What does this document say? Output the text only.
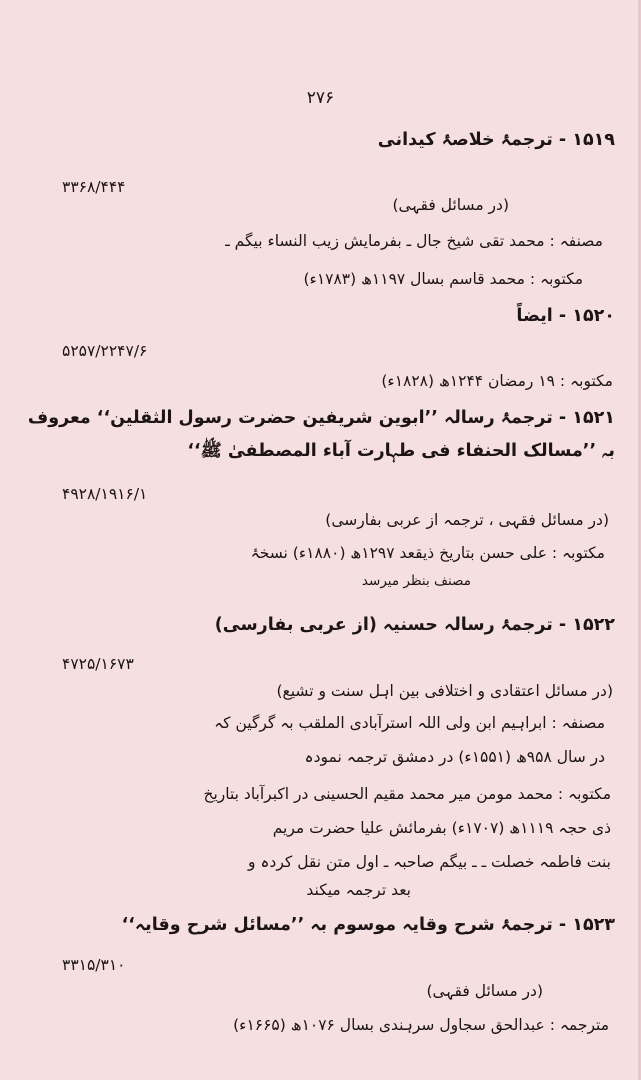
۲۷۶
۱۵۱۹ - ترجمۂ خلاصۂ کیدانی
۳۳۶۸/۴۴۴
(در مسائل فقہی)
مصنفہ : محمد تقی شیخ جال ـ بفرمایش زیب النساء بیگم ـ
مکتوبہ : محمد قاسم بسال ۱۱۹۷ھ (۱۷۸۳ء)
۱۵۲۰ - ایضاً
۵۲۵۷/۲۲۴۷/۶
مکتوبہ : ۱۹ رمضان ۱۲۴۴ھ (۱۸۲۸ء)
۱۵۲۱ - ترجمۂ رسالہ ’’ابوین شریفین حضرت رسول الثقلین‘‘ معروف
بہ ’’مسالک الحنفاء فی طہارت آباء المصطفیٰ ﷺ‘‘
۴۹۲۸/۱۹۱۶/۱
(در مسائل فقہی ، ترجمہ از عربی بفارسی)
مکتوبہ : علی حسن بتاریخ ذیقعد ۱۲۹۷ھ (۱۸۸۰ء) نسخۂ
مصنف بنظر میرسد
۱۵۲۲ - ترجمۂ رسالہ حسنیہ (از عربی بفارسی)
۴۷۲۵/۱۶۷۳
(در مسائل اعتقادی و اختلافی بین اہل سنت و تشیع)
مصنفہ : ابراہیم ابن ولی اللہ استرآبادی الملقب بہ گرگین کہ
در سال ۹۵۸ھ (۱۵۵۱ء) در دمشق ترجمہ نمودہ
مکتوبہ : محمد مومن میر محمد مقیم الحسینی در اکبرآباد بتاریخ
ذی حجہ ۱۱۱۹ھ (۱۷۰۷ء) بفرمائش علیا حضرت مریم
بنت فاطمہ خصلت ـ ـ بیگم صاحبہ ـ اول متن نقل کردہ و
بعد ترجمہ میکند
۱۵۲۳ - ترجمۂ شرح وقایہ موسوم بہ ’’مسائل شرح وقایہ‘‘
۳۳۱۵/۳۱۰
(در مسائل فقہی)
مترجمہ : عبدالحق سجاول سرہندی بسال ۱۰۷۶ھ (۱۶۶۵ء)
